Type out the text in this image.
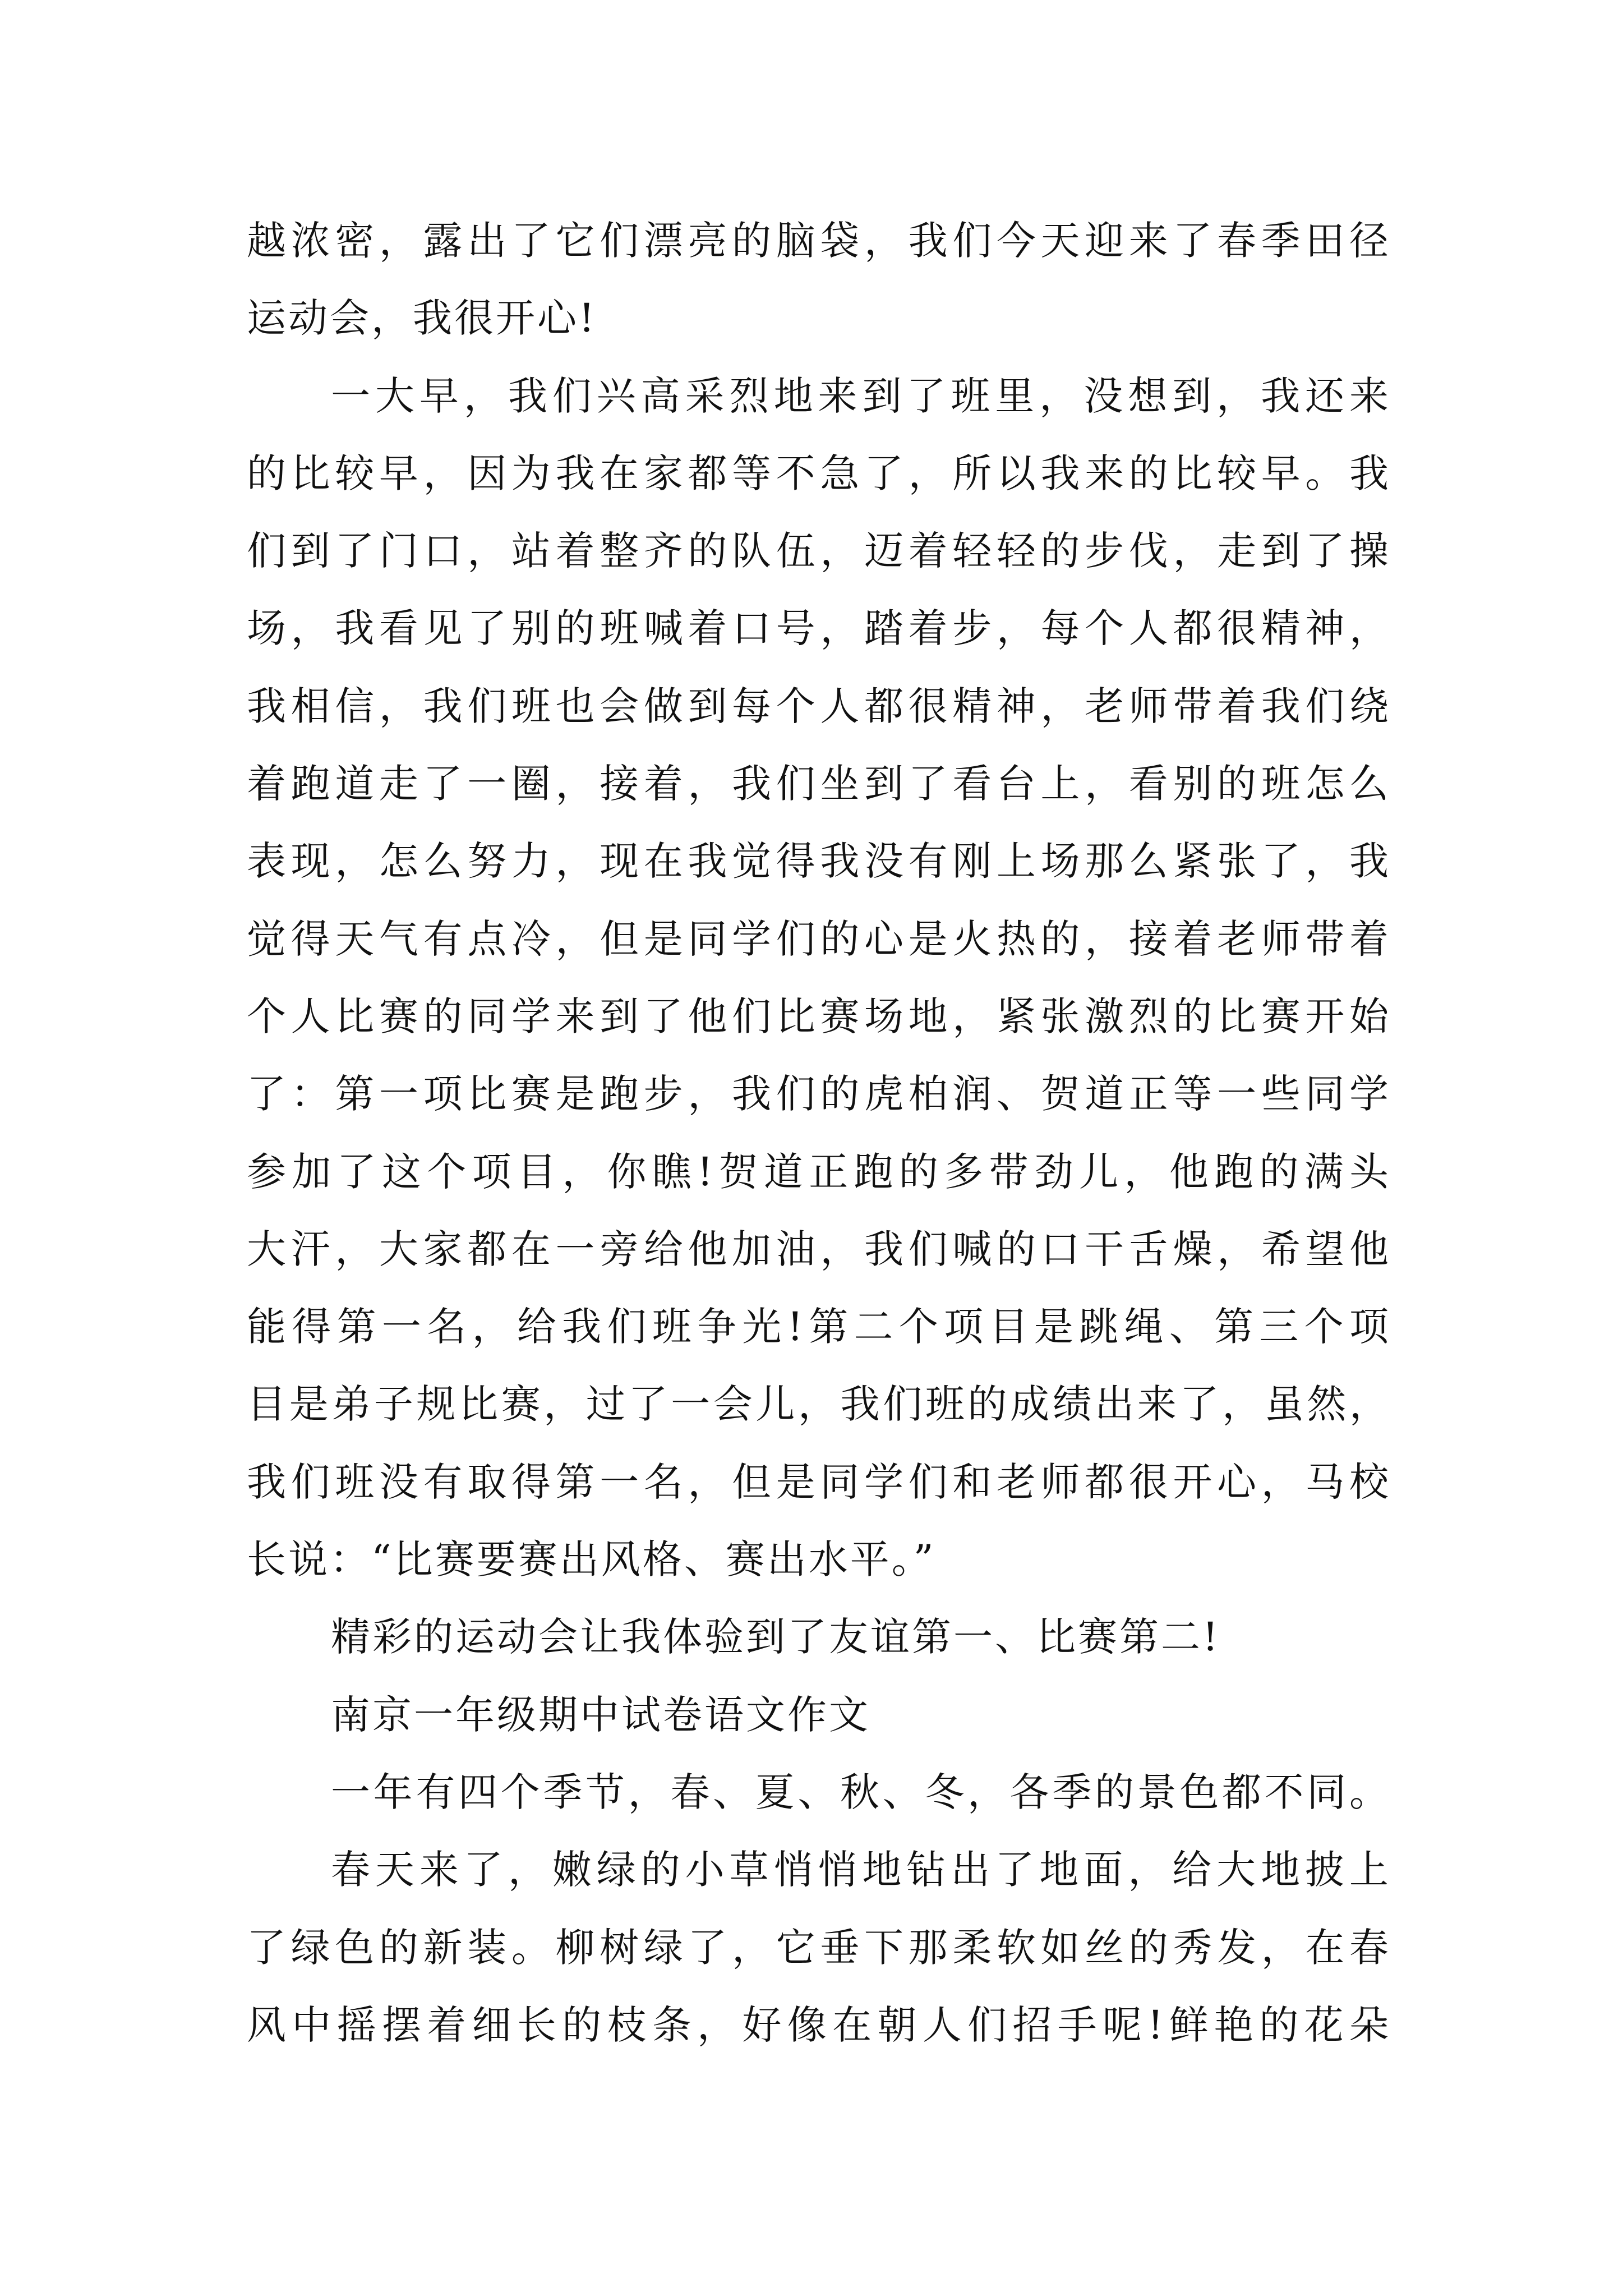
越浓密，露出了它们漂亮的脑袋，我们今天迎来了春季田径
运动会，我很开心!
一大早，我们兴高采烈地来到了班里，没想到，我还来
的比较早，因为我在家都等不急了，所以我来的比较早。我
们到了门口，站着整齐的队伍，迈着轻轻的步伐，走到了操
场，我看见了别的班喊着口号，踏着步，每个人都很精神，
我相信，我们班也会做到每个人都很精神，老师带着我们绕
着跑道走了一圈，接着，我们坐到了看台上，看别的班怎么
表现，怎么努力，现在我觉得我没有刚上场那么紧张了，我
觉得天气有点冷，但是同学们的心是火热的，接着老师带着
个人比赛的同学来到了他们比赛场地，紧张激烈的比赛开始
了：第一项比赛是跑步，我们的虎柏润、贺道正等一些同学
参加了这个项目，你瞧!贺道正跑的多带劲儿，他跑的满头
大汗，大家都在一旁给他加油，我们喊的口干舌燥，希望他
能得第一名，给我们班争光!第二个项目是跳绳、第三个项
目是弟子规比赛，过了一会儿，我们班的成绩出来了，虽然，
我们班没有取得第一名，但是同学们和老师都很开心，马校
长说：“比赛要赛出风格、赛出水平。”
精彩的运动会让我体验到了友谊第一、比赛第二!
南京一年级期中试卷语文作文
一年有四个季节，春、夏、秋、冬，各季的景色都不同。
春天来了，嫩绿的小草悄悄地钻出了地面，给大地披上
了绿色的新装。柳树绿了，它垂下那柔软如丝的秀发，在春
风中摇摆着细长的枝条，好像在朝人们招手呢!鲜艳的花朵
